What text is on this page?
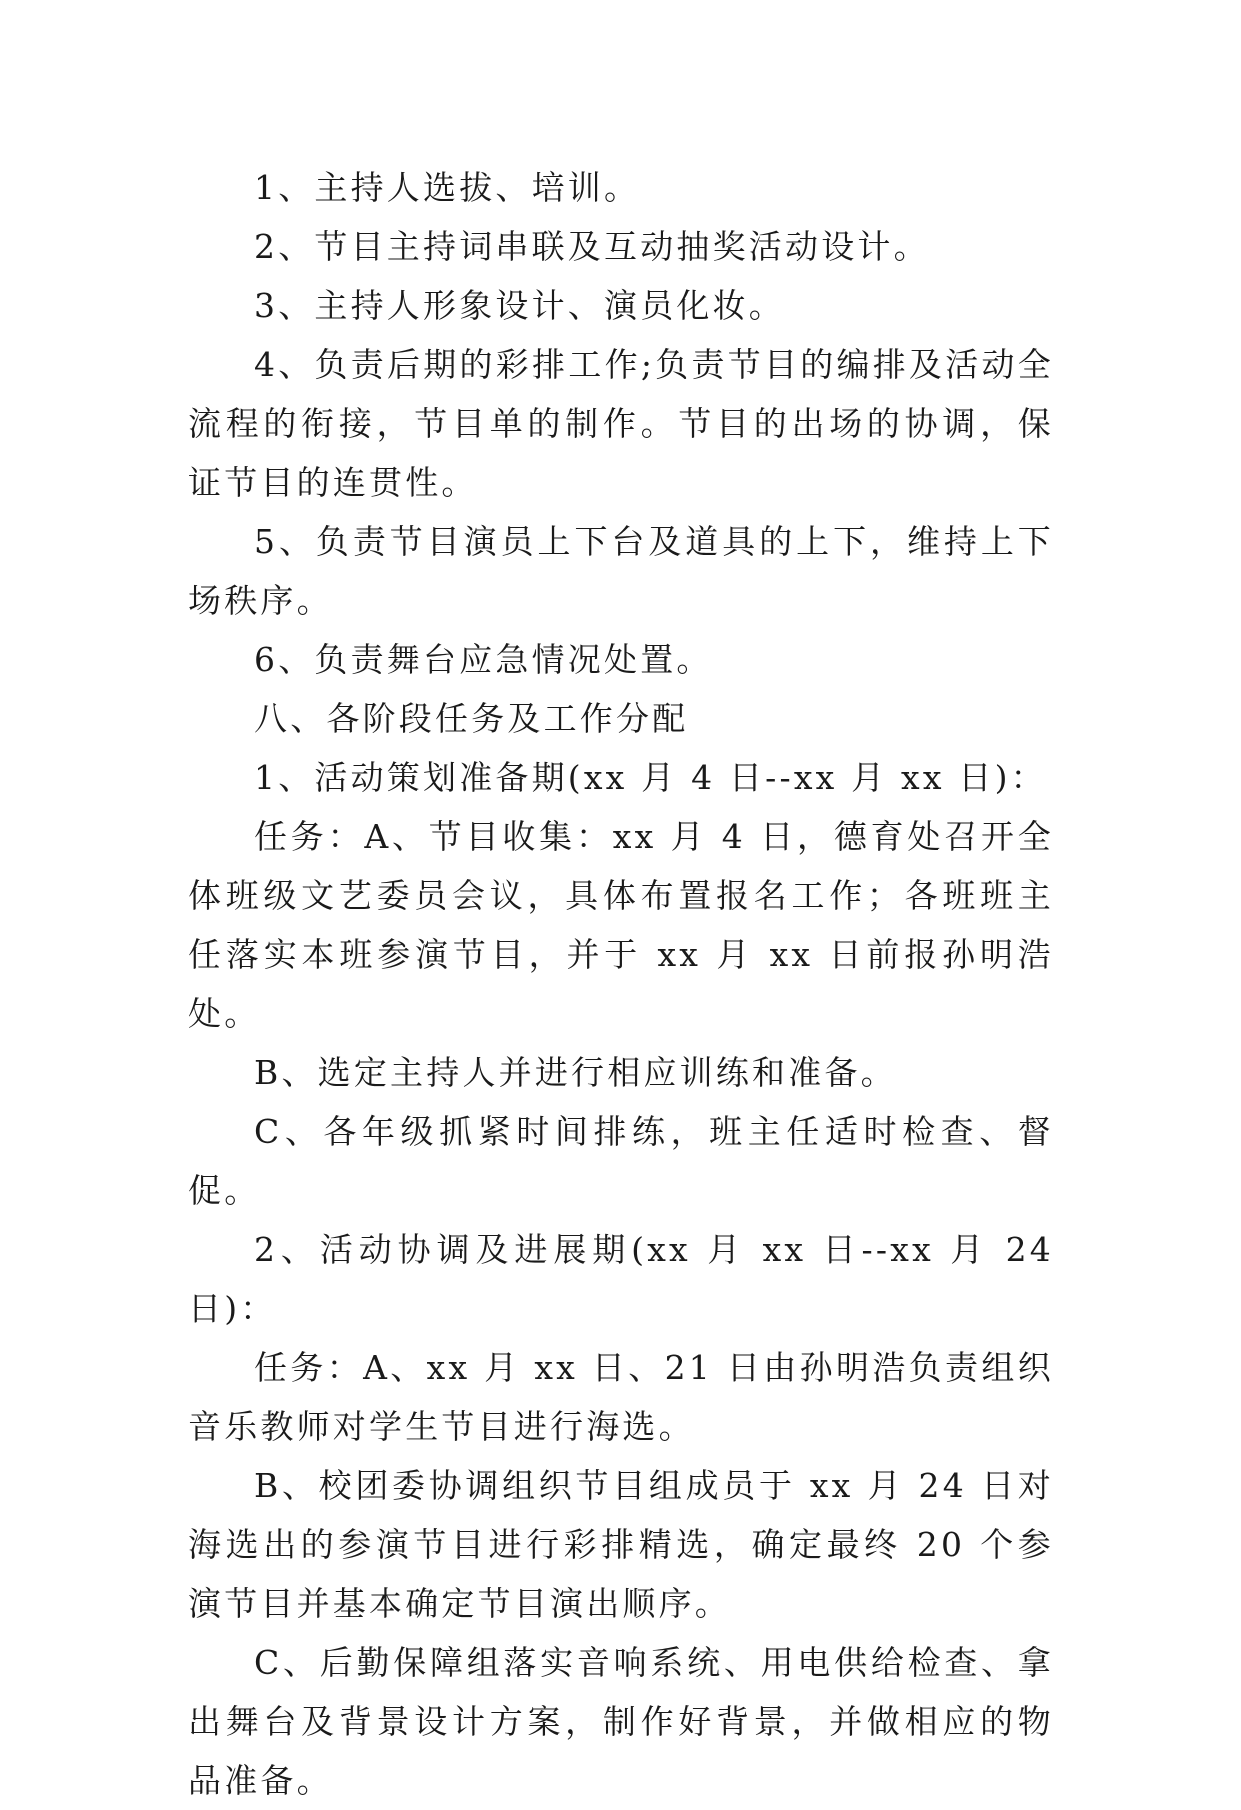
1、主持人选拔、培训。

2、节目主持词串联及互动抽奖活动设计。

3、主持人形象设计、演员化妆。

4、负责后期的彩排工作;负责节目的编排及活动全流程的衔接，节目单的制作。节目的出场的协调，保证节目的连贯性。

5、负责节目演员上下台及道具的上下，维持上下场秩序。

6、负责舞台应急情况处置。

八、各阶段任务及工作分配

1、活动策划准备期(xx 月 4 日--xx 月 xx 日)：

任务：A、节目收集：xx 月 4 日，德育处召开全体班级文艺委员会议，具体布置报名工作；各班班主任落实本班参演节目，并于 xx 月 xx 日前报孙明浩处。

B、选定主持人并进行相应训练和准备。

C、各年级抓紧时间排练，班主任适时检查、督促。

2、活动协调及进展期(xx 月 xx 日--xx 月 24 日)：

任务：A、xx 月 xx 日、21 日由孙明浩负责组织音乐教师对学生节目进行海选。

B、校团委协调组织节目组成员于 xx 月 24 日对海选出的参演节目进行彩排精选，确定最终 20 个参演节目并基本确定节目演出顺序。

C、后勤保障组落实音响系统、用电供给检查、拿出舞台及背景设计方案，制作好背景，并做相应的物品准备。
